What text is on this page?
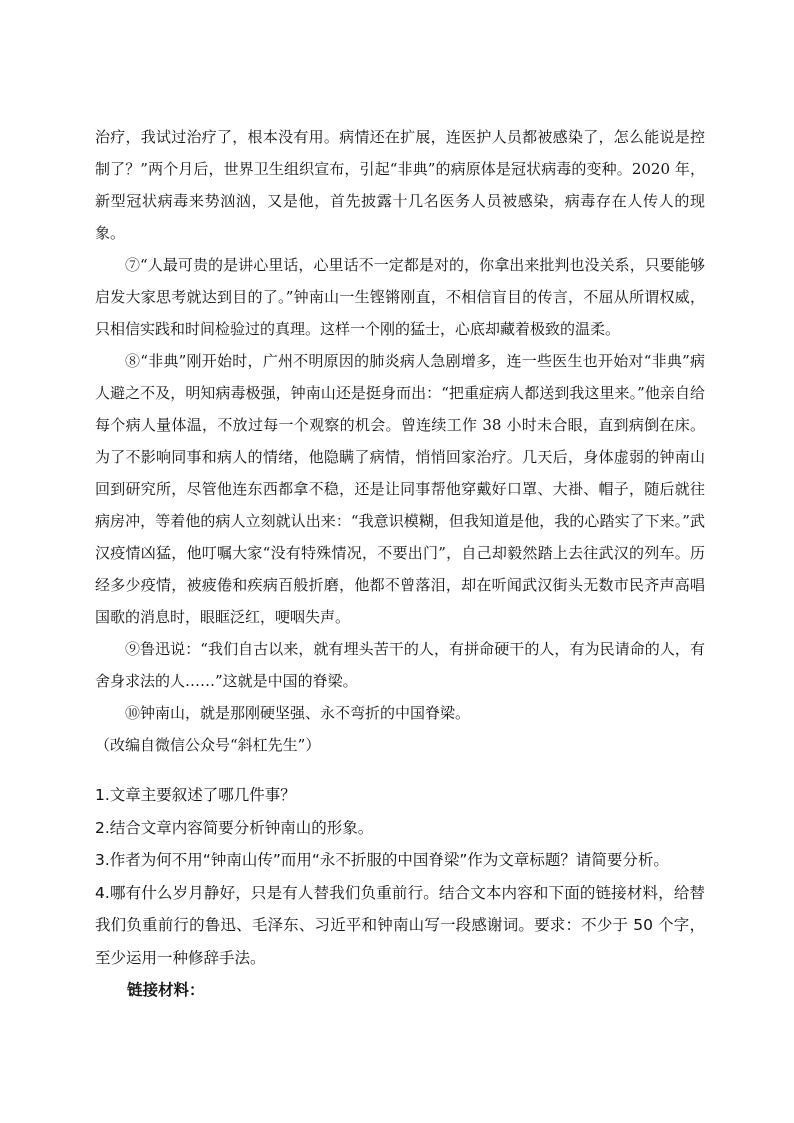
治疗，我试过治疗了，根本没有用。病情还在扩展，连医护人员都被感染了，怎么能说是控制了？”两个月后，世界卫生组织宣布，引起“非典”的病原体是冠状病毒的变种。2020 年，新型冠状病毒来势汹汹，又是他，首先披露十几名医务人员被感染，病毒存在人传人的现象。

⑦“人最可贵的是讲心里话，心里话不一定都是对的，你拿出来批判也没关系，只要能够启发大家思考就达到目的了。”钟南山一生铿锵刚直，不相信盲目的传言，不屈从所谓权威，只相信实践和时间检验过的真理。这样一个刚的猛士，心底却藏着极致的温柔。

⑧“非典”刚开始时，广州不明原因的肺炎病人急剧增多，连一些医生也开始对“非典”病人避之不及，明知病毒极强，钟南山还是挺身而出：“把重症病人都送到我这里来。”他亲自给每个病人量体温，不放过每一个观察的机会。曾连续工作 38 小时未合眼，直到病倒在床。为了不影响同事和病人的情绪，他隐瞒了病情，悄悄回家治疗。几天后，身体虚弱的钟南山回到研究所，尽管他连东西都拿不稳，还是让同事帮他穿戴好口罩、大褂、帽子，随后就往病房冲，等着他的病人立刻就认出来：“我意识模糊，但我知道是他，我的心踏实了下来。”武汉疫情凶猛，他叮嘱大家“没有特殊情况，不要出门”，自己却毅然踏上去往武汉的列车。历经多少疫情，被疲倦和疾病百般折磨，他都不曾落泪，却在听闻武汉街头无数市民齐声高唱国歌的消息时，眼眶泛红，哽咽失声。

⑨鲁迅说：“我们自古以来，就有埋头苦干的人，有拼命硬干的人，有为民请命的人，有舍身求法的人……”这就是中国的脊梁。

⑩钟南山，就是那刚硬坚强、永不弯折的中国脊梁。

（改编自微信公众号“斜杠先生”）

1.文章主要叙述了哪几件事？

2.结合文章内容简要分析钟南山的形象。

3.作者为何不用“钟南山传”而用“永不折服的中国脊梁”作为文章标题？请简要分析。

4.哪有什么岁月静好，只是有人替我们负重前行。结合文本内容和下面的链接材料，给替我们负重前行的鲁迅、毛泽东、习近平和钟南山写一段感谢词。要求：不少于 50 个字，至少运用一种修辞手法。

链接材料：
